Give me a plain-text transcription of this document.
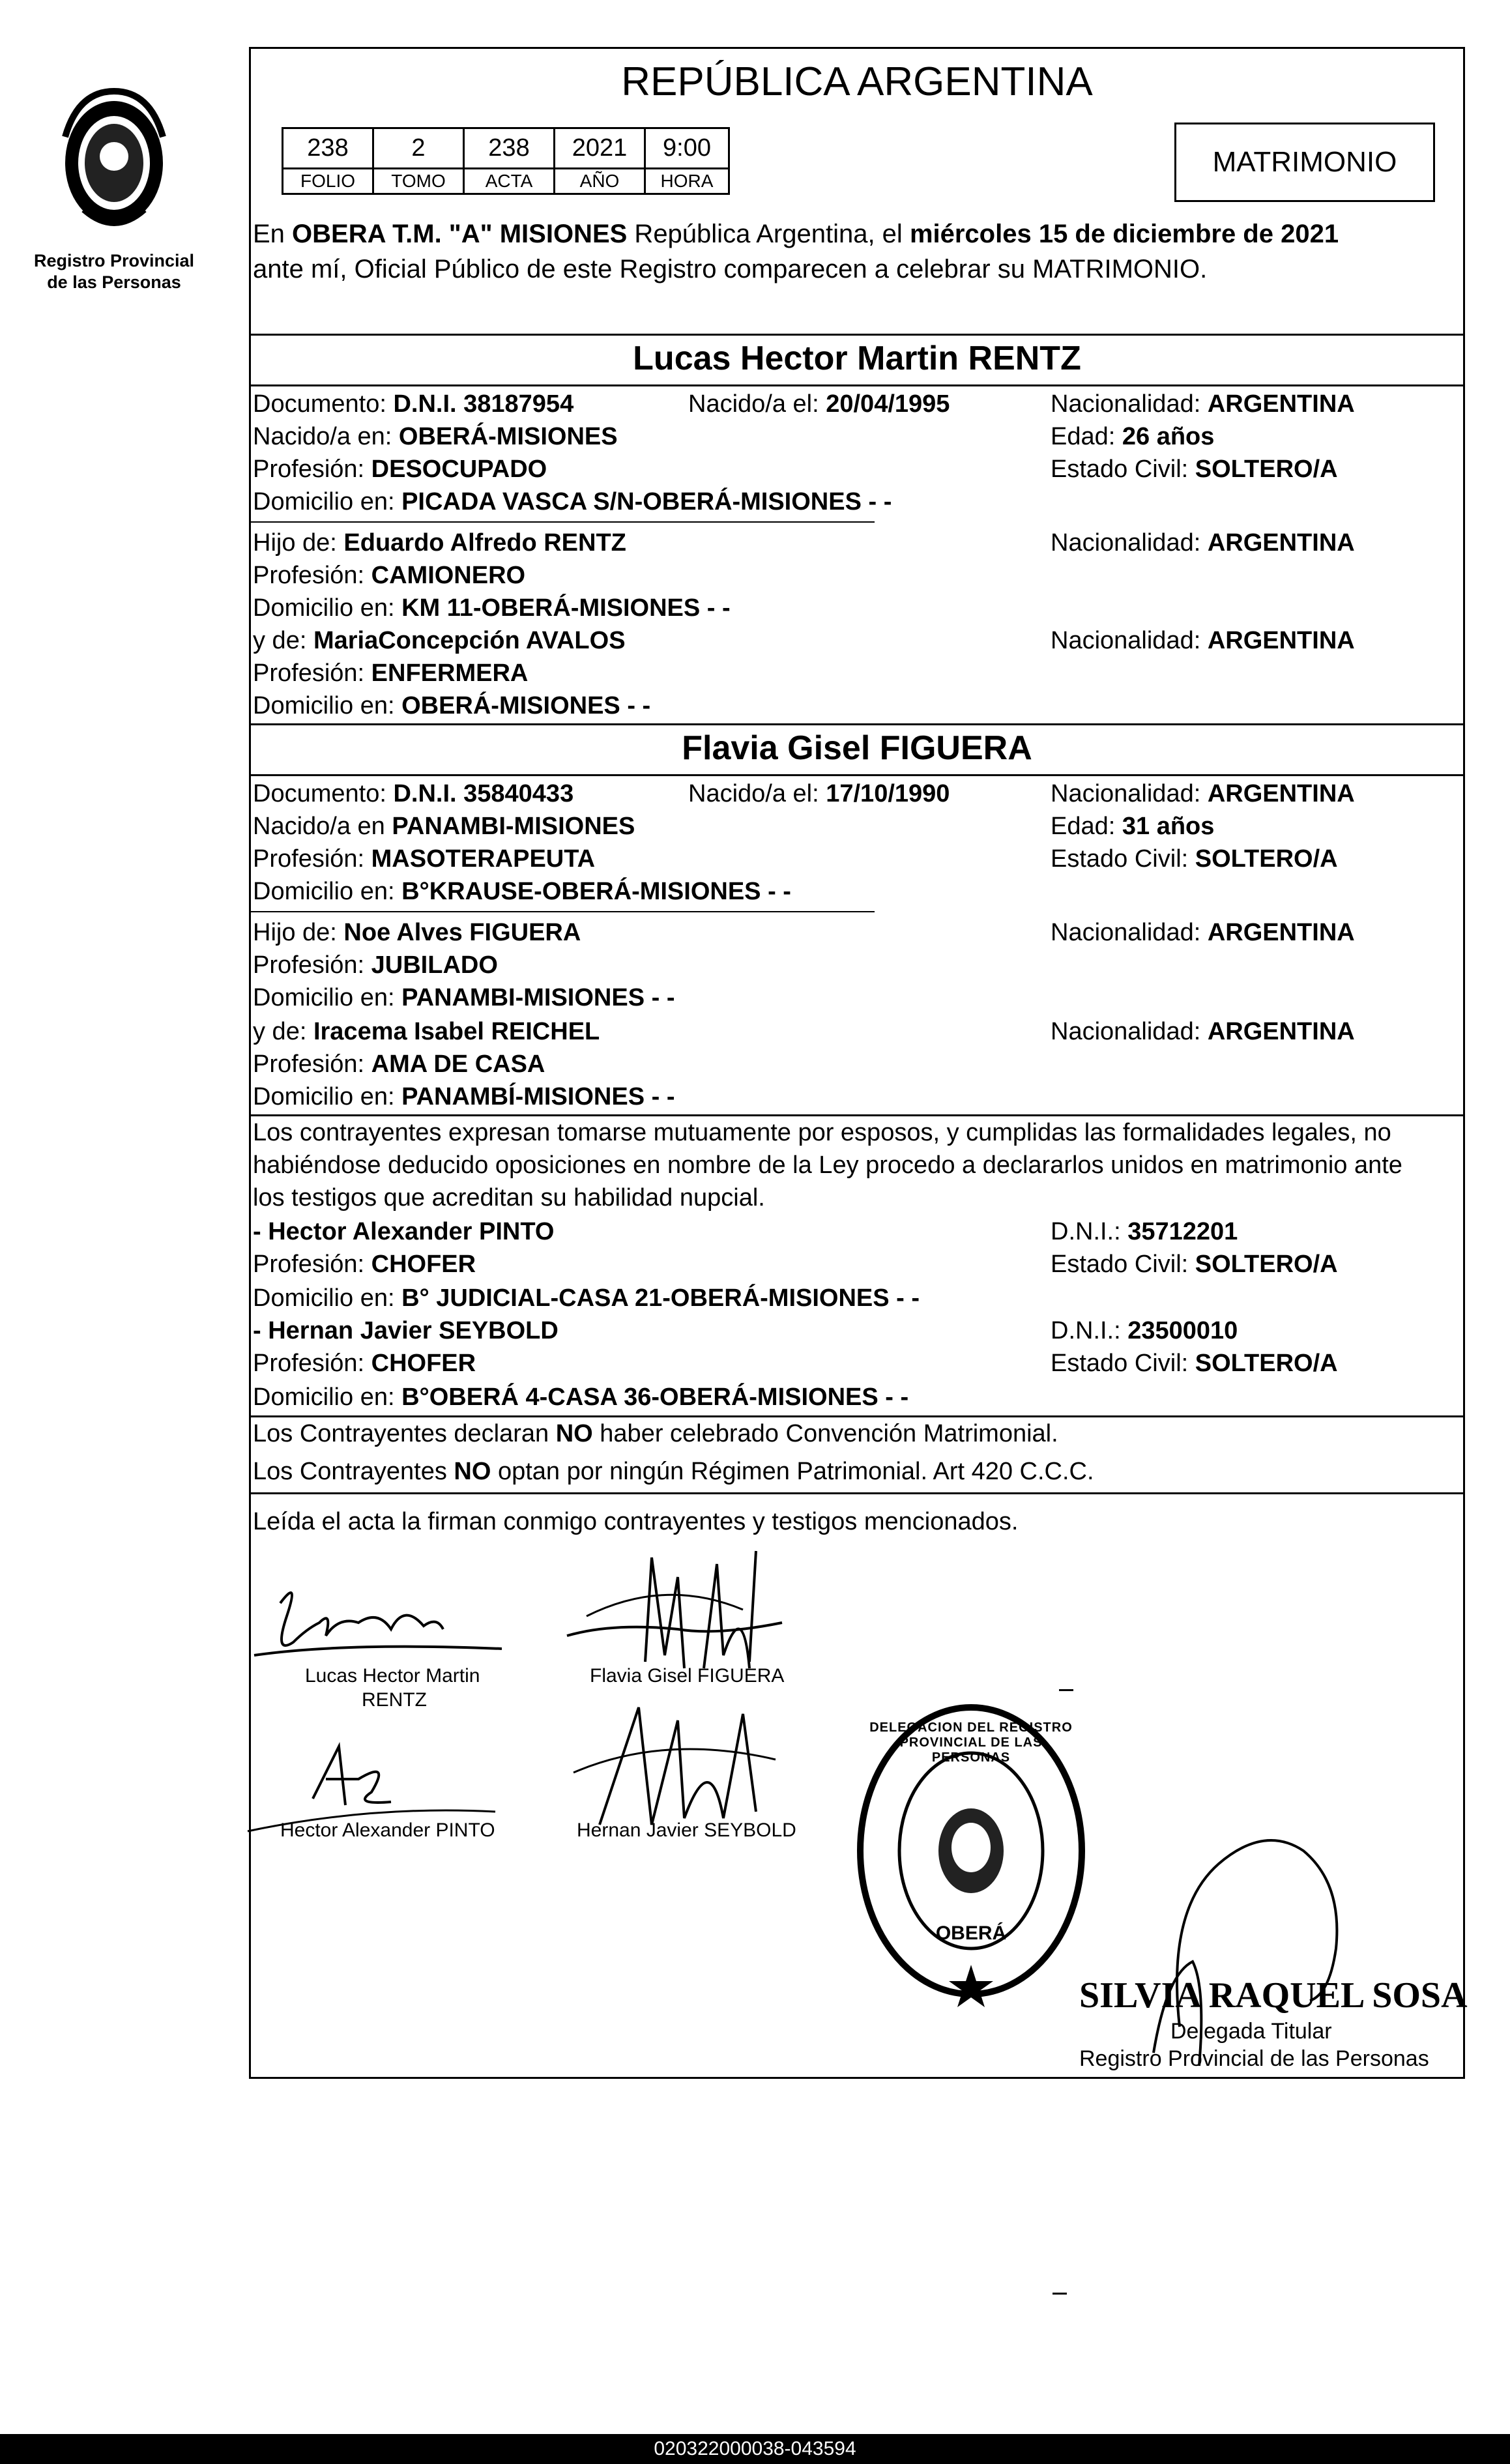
Registro Provincial
de las Personas
REPÚBLICA ARGENTINA
238	2	238	2021	9:00
FOLIO	TOMO	ACTA	AÑO	HORA
MATRIMONIO
En OBERA T.M. "A" MISIONES República Argentina, el miércoles 15 de diciembre de 2021
ante mí, Oficial Público de este Registro comparecen a celebrar su MATRIMONIO.
Lucas Hector Martin RENTZ
Documento: D.N.I. 38187954	Nacido/a el: 20/04/1995	Nacionalidad: ARGENTINA
Nacido/a en: OBERÁ-MISIONES	Edad: 26 años
Profesión: DESOCUPADO	Estado Civil: SOLTERO/A
Domicilio en: PICADA VASCA S/N-OBERÁ-MISIONES - -
Hijo de: Eduardo Alfredo RENTZ	Nacionalidad: ARGENTINA
Profesión: CAMIONERO
Domicilio en: KM 11-OBERÁ-MISIONES - -
y de: MariaConcepción AVALOS	Nacionalidad: ARGENTINA
Profesión: ENFERMERA
Domicilio en: OBERÁ-MISIONES - -
Flavia Gisel FIGUERA
Documento: D.N.I. 35840433	Nacido/a el: 17/10/1990	Nacionalidad: ARGENTINA
Nacido/a en PANAMBI-MISIONES	Edad: 31 años
Profesión: MASOTERAPEUTA	Estado Civil: SOLTERO/A
Domicilio en: B°KRAUSE-OBERÁ-MISIONES - -
Hijo de: Noe Alves FIGUERA	Nacionalidad: ARGENTINA
Profesión: JUBILADO
Domicilio en: PANAMBI-MISIONES - -
y de: Iracema Isabel REICHEL	Nacionalidad: ARGENTINA
Profesión: AMA DE CASA
Domicilio en: PANAMBÍ-MISIONES - -
Los contrayentes expresan tomarse mutuamente por esposos, y cumplidas las formalidades legales, no
habiéndose deducido oposiciones en nombre de la Ley procedo a declararlos unidos en matrimonio ante
los testigos que acreditan su habilidad nupcial.
- Hector Alexander PINTO	D.N.I.: 35712201
Profesión: CHOFER	Estado Civil: SOLTERO/A
Domicilio en: B° JUDICIAL-CASA 21-OBERÁ-MISIONES - -
- Hernan Javier SEYBOLD	D.N.I.: 23500010
Profesión: CHOFER	Estado Civil: SOLTERO/A
Domicilio en: B°OBERÁ 4-CASA 36-OBERÁ-MISIONES - -
Los Contrayentes declaran NO haber celebrado Convención Matrimonial.
Los Contrayentes NO optan por ningún Régimen Patrimonial. Art 420 C.C.C.
Leída el acta la firman conmigo contrayentes y testigos mencionados.
Lucas Hector Martin
RENTZ
Flavia Gisel FIGUERA
Hector Alexander PINTO	Hernan Javier SEYBOLD
DELEGACION DEL REGISTRO PROVINCIAL DE LAS PERSONAS
OBERÁ
SILVIA RAQUEL SOSA
Delegada Titular
Registro Provincial de las Personas
020322000038-043594
